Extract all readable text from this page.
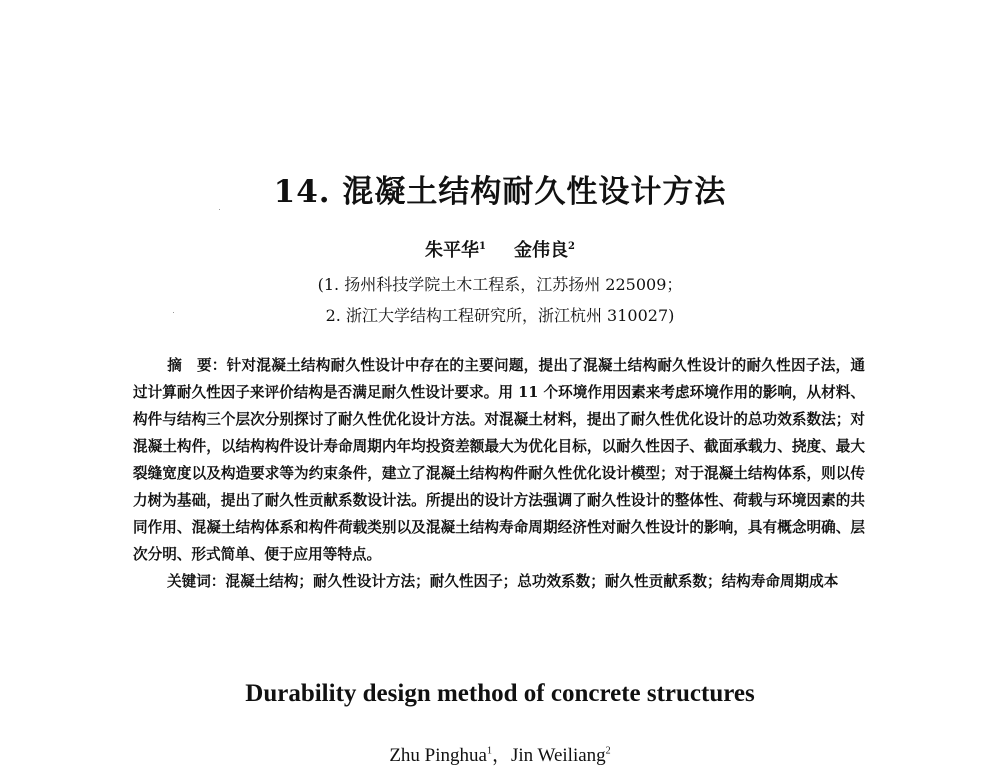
14. 混凝土结构耐久性设计方法
朱平华$^1$ 金伟良$^2$
(1. 扬州科技学院土木工程系，江苏扬州 225009；
2. 浙江大学结构工程研究所，浙江杭州 310027)

摘　要：针对混凝土结构耐久性设计中存在的主要问题，提出了混凝土结构耐久性设计的耐久性因子法，通过计算耐久性因子来评价结构是否满足耐久性设计要求。用 11 个环境作用因素来考虑环境作用的影响，从材料、构件与结构三个层次分别探讨了耐久性优化设计方法。对混凝土材料，提出了耐久性优化设计的总功效系数法；对混凝土构件，以结构构件设计寿命周期内年均投资差额最大为优化目标，以耐久性因子、截面承载力、挠度、最大裂缝宽度以及构造要求等为约束条件，建立了混凝土结构构件耐久性优化设计模型；对于混凝土结构体系，则以传力树为基础，提出了耐久性贡献系数设计法。所提出的设计方法强调了耐久性设计的整体性、荷载与环境因素的共同作用、混凝土结构体系和构件荷载类别以及混凝土结构寿命周期经济性对耐久性设计的影响，具有概念明确、层次分明、形式简单、便于应用等特点。

关键词：混凝土结构；耐久性设计方法；耐久性因子；总功效系数；耐久性贡献系数；结构寿命周期成本

Durability design method of concrete structures
Zhu Pinghua$^1$，Jin Weiliang$^2$
